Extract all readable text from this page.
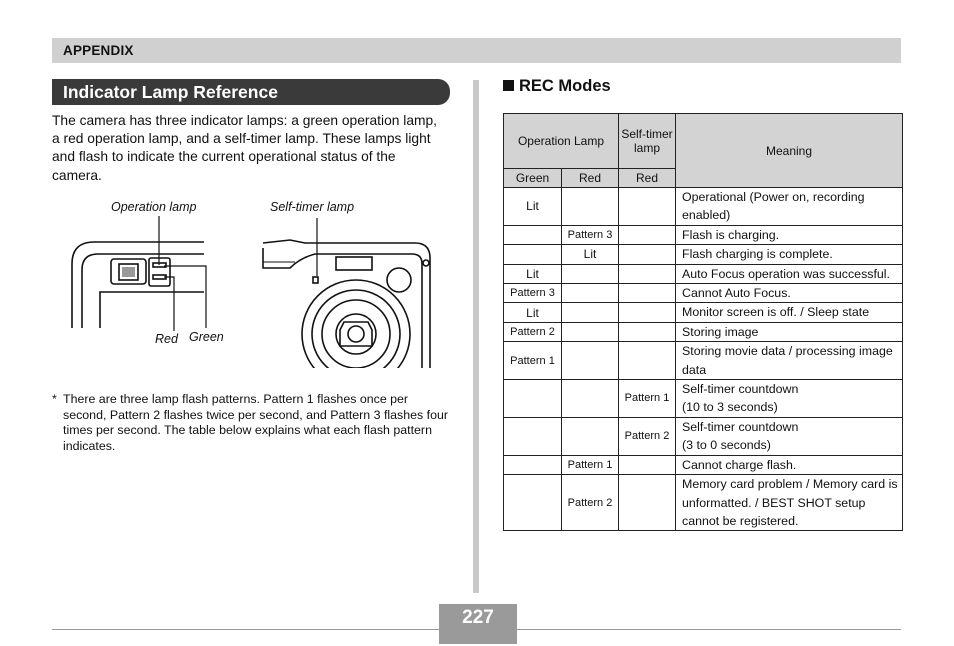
APPENDIX
Indicator Lamp Reference
The camera has three indicator lamps: a green operation lamp, a red operation lamp, and a self-timer lamp. These lamps light and flash to indicate the current operational status of the camera.
Operation lamp	Self-timer lamp
Red Green
* There are three lamp flash patterns. Pattern 1 flashes once per second, Pattern 2 flashes twice per second, and Pattern 3 flashes four times per second. The table below explains what each flash pattern indicates.
REC Modes
Operation Lamp		Self-timer lamp	Meaning
Green	Red	Red	
Lit			Operational (Power on, recording enabled)
	Pattern 3		Flash is charging.
	Lit		Flash charging is complete.
Lit			Auto Focus operation was successful.
Pattern 3			Cannot Auto Focus.
Lit			Monitor screen is off. / Sleep state
Pattern 2			Storing image
Pattern 1			Storing movie data / processing image data
		Pattern 1	Self-timer countdown
(10 to 3 seconds)
		Pattern 2	Self-timer countdown
(3 to 0 seconds)
	Pattern 1		Cannot charge flash.
	Pattern 2		Memory card problem / Memory card is unformatted. / BEST SHOT setup cannot be registered.
227
